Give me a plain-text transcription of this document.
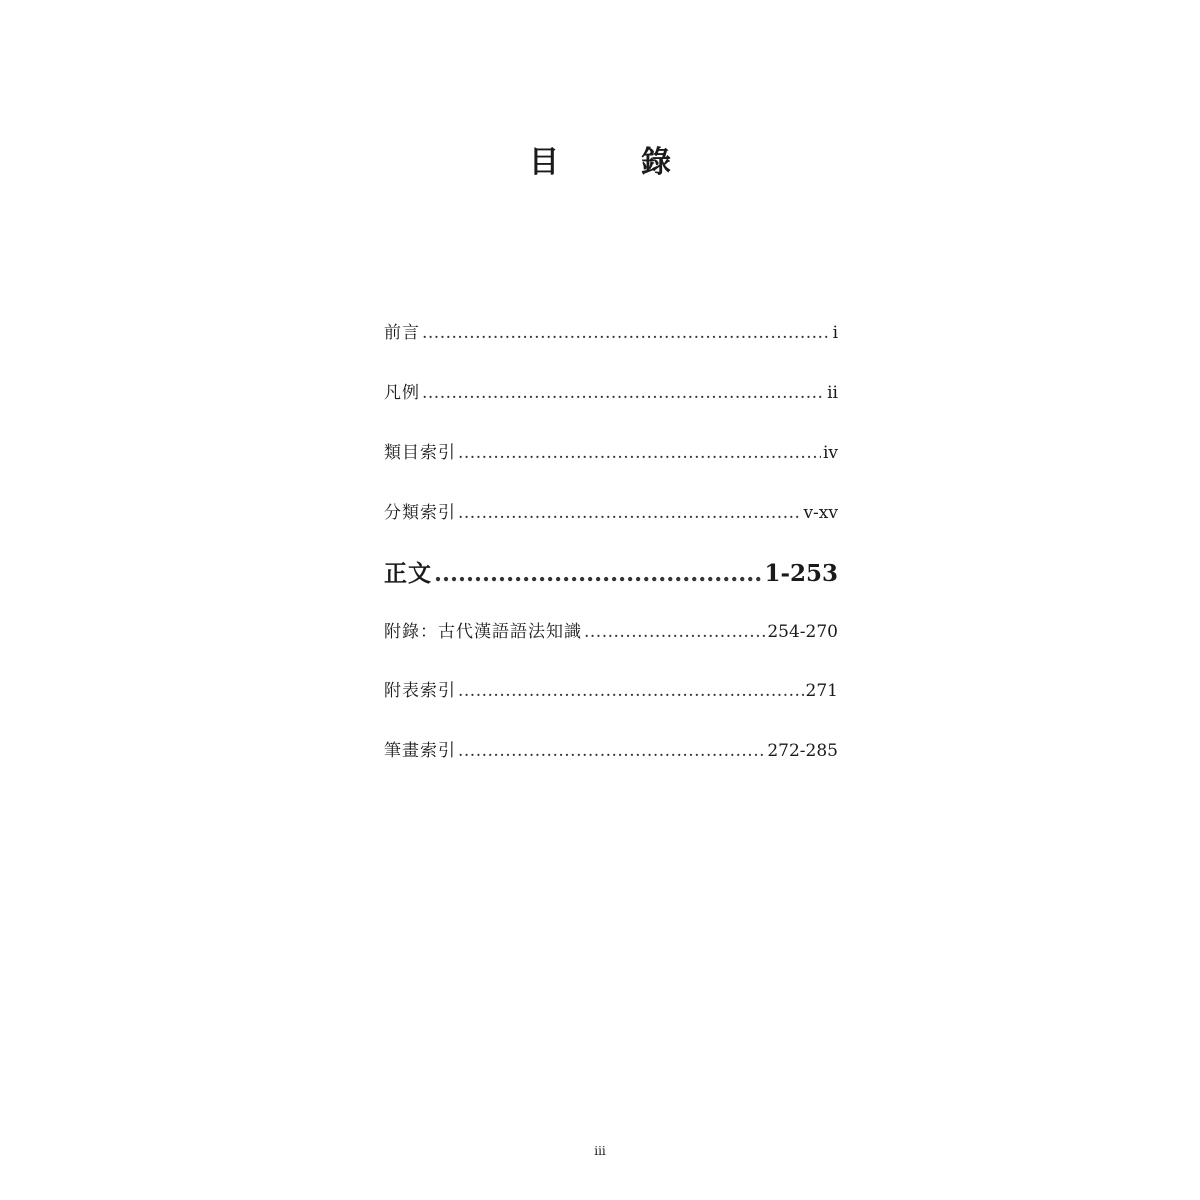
目　錄
前言 .....	i
凡例 .....	ii
類目索引 .....	iv
分類索引 .....	v-xv
正文 .....	1-253
附錄：古代漢語語法知識 .....	254-270
附表索引 .....	271
筆畫索引 .....	272-285
iii
